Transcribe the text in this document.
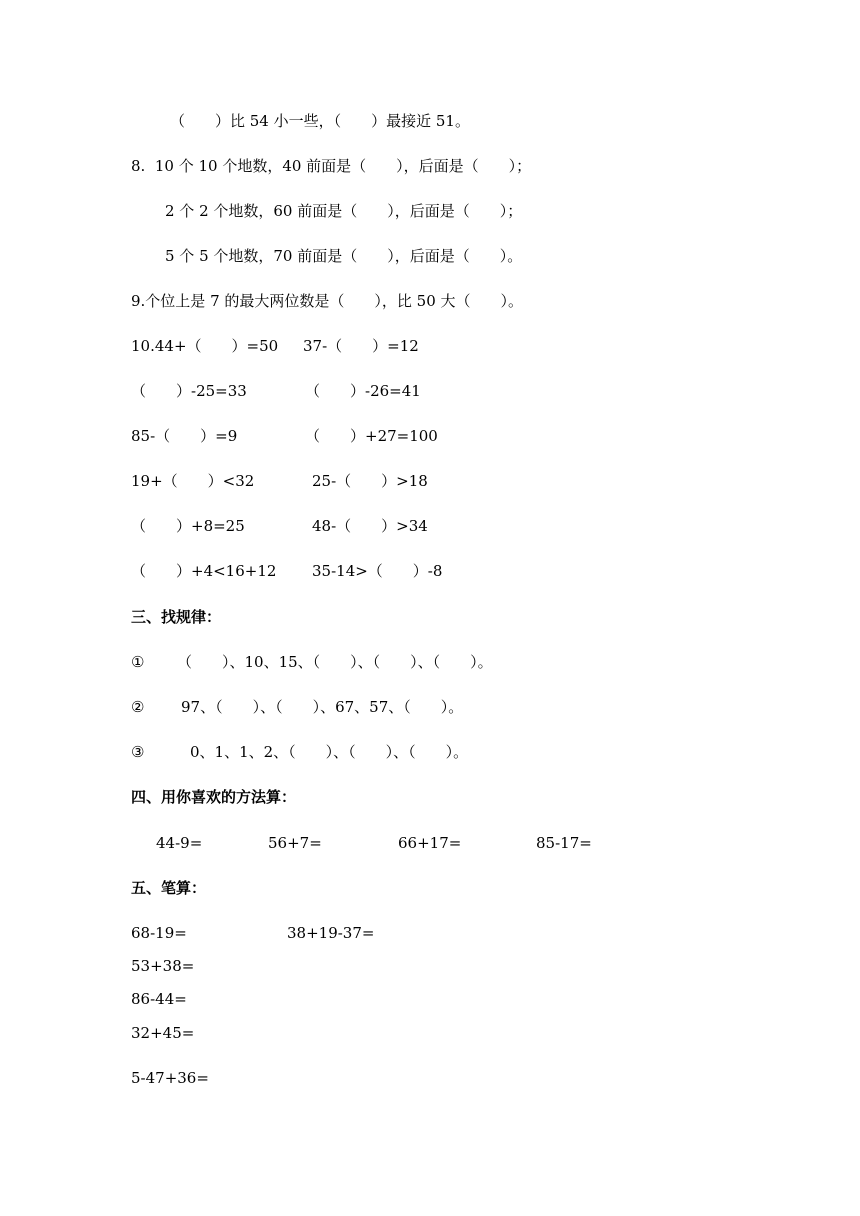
（　　）比 54 小一些，（　　）最接近 51。
8.  10 个 10 个地数，40 前面是（　　），后面是（　　）；
2 个 2 个地数，60 前面是（　　），后面是（　　）；
5 个 5 个地数，70 前面是（　　），后面是（　　）。
9.个位上是 7 的最大两位数是（　　），比 50 大（　　）。
10.44+（　　）=50 37-（　　）=12
（　　）-25=33	（　　）-26=41
85-（　　）=9	（　　）+27=100
19+（　　）<32	25-（　　）>18
（　　）+8=25	48-（　　）>34
（　　）+4<16+12 35-14>（　　）-8
三、找规律：
① （　　）、10、15、（　　）、（　　）、（　　）。
② 97、（　　）、（　　）、67、57、（　　）。
③	0、1、1、2、（　　）、（　　）、（　　）。
四、用你喜欢的方法算：
44-9=	56+7=	66+17=	85-17=
五、笔算：
68-19=	38+19-37=
53+38=
86-44=
32+45=
5-47+36=
